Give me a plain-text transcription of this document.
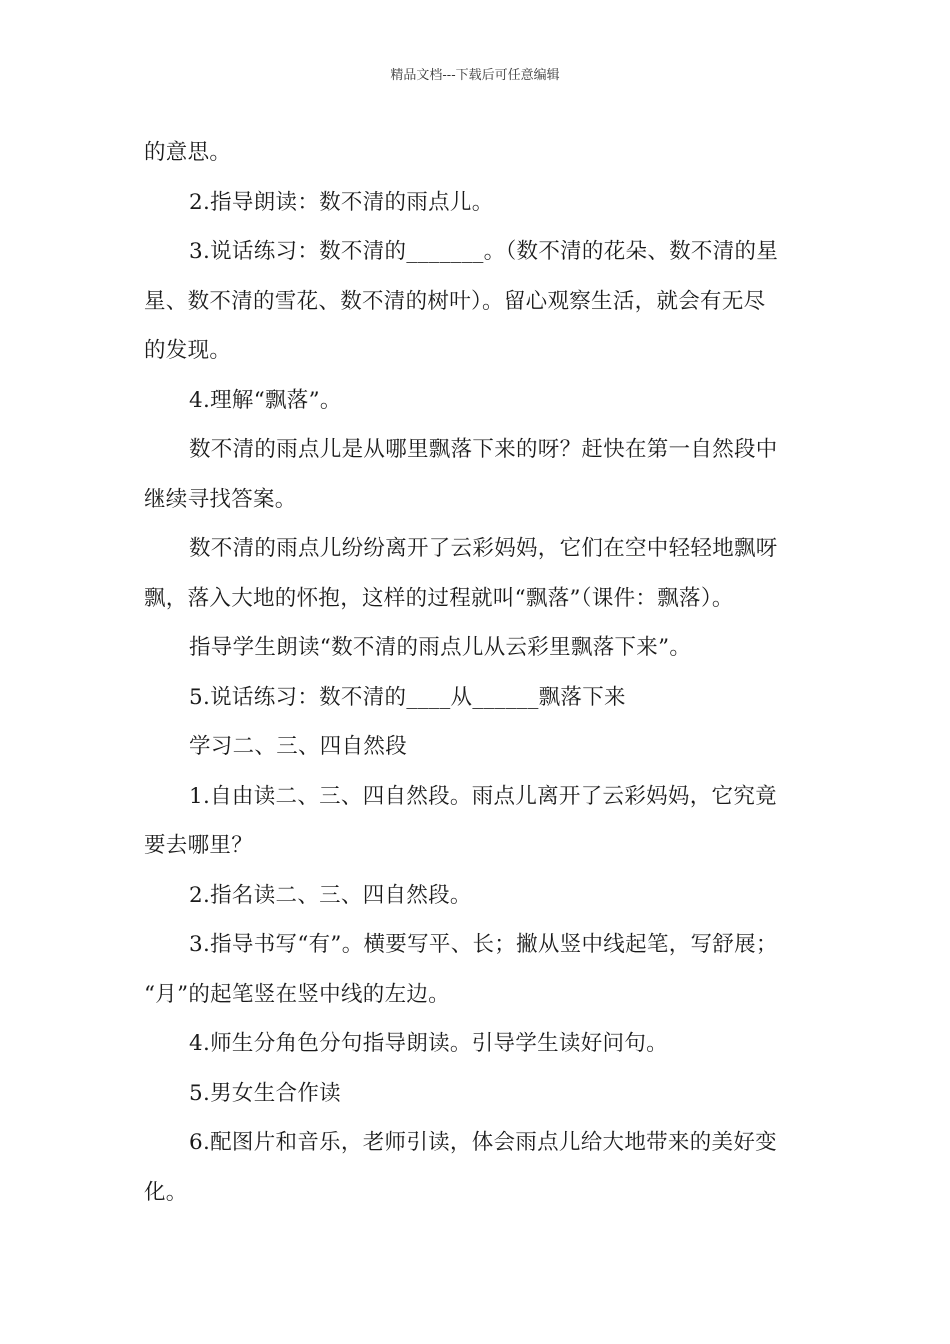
精品文档---下载后可任意编辑
的意思。
2.指导朗读：数不清的雨点儿。
3.说话练习：数不清的_______。（数不清的花朵、数不清的星
星、数不清的雪花、数不清的树叶）。留心观察生活，就会有无尽
的发现。
4.理解“飘落”。
数不清的雨点儿是从哪里飘落下来的呀？赶快在第一自然段中
继续寻找答案。
数不清的雨点儿纷纷离开了云彩妈妈，它们在空中轻轻地飘呀
飘，落入大地的怀抱，这样的过程就叫“飘落”（课件：飘落）。
指导学生朗读“数不清的雨点儿从云彩里飘落下来”。
5.说话练习：数不清的____从______飘落下来
学习二、三、四自然段
1.自由读二、三、四自然段。雨点儿离开了云彩妈妈，它究竟
要去哪里？
2.指名读二、三、四自然段。
3.指导书写“有”。横要写平、长；撇从竖中线起笔，写舒展；
“月”的起笔竖在竖中线的左边。
4.师生分角色分句指导朗读。引导学生读好问句。
5.男女生合作读
6.配图片和音乐，老师引读，体会雨点儿给大地带来的美好变
化。
